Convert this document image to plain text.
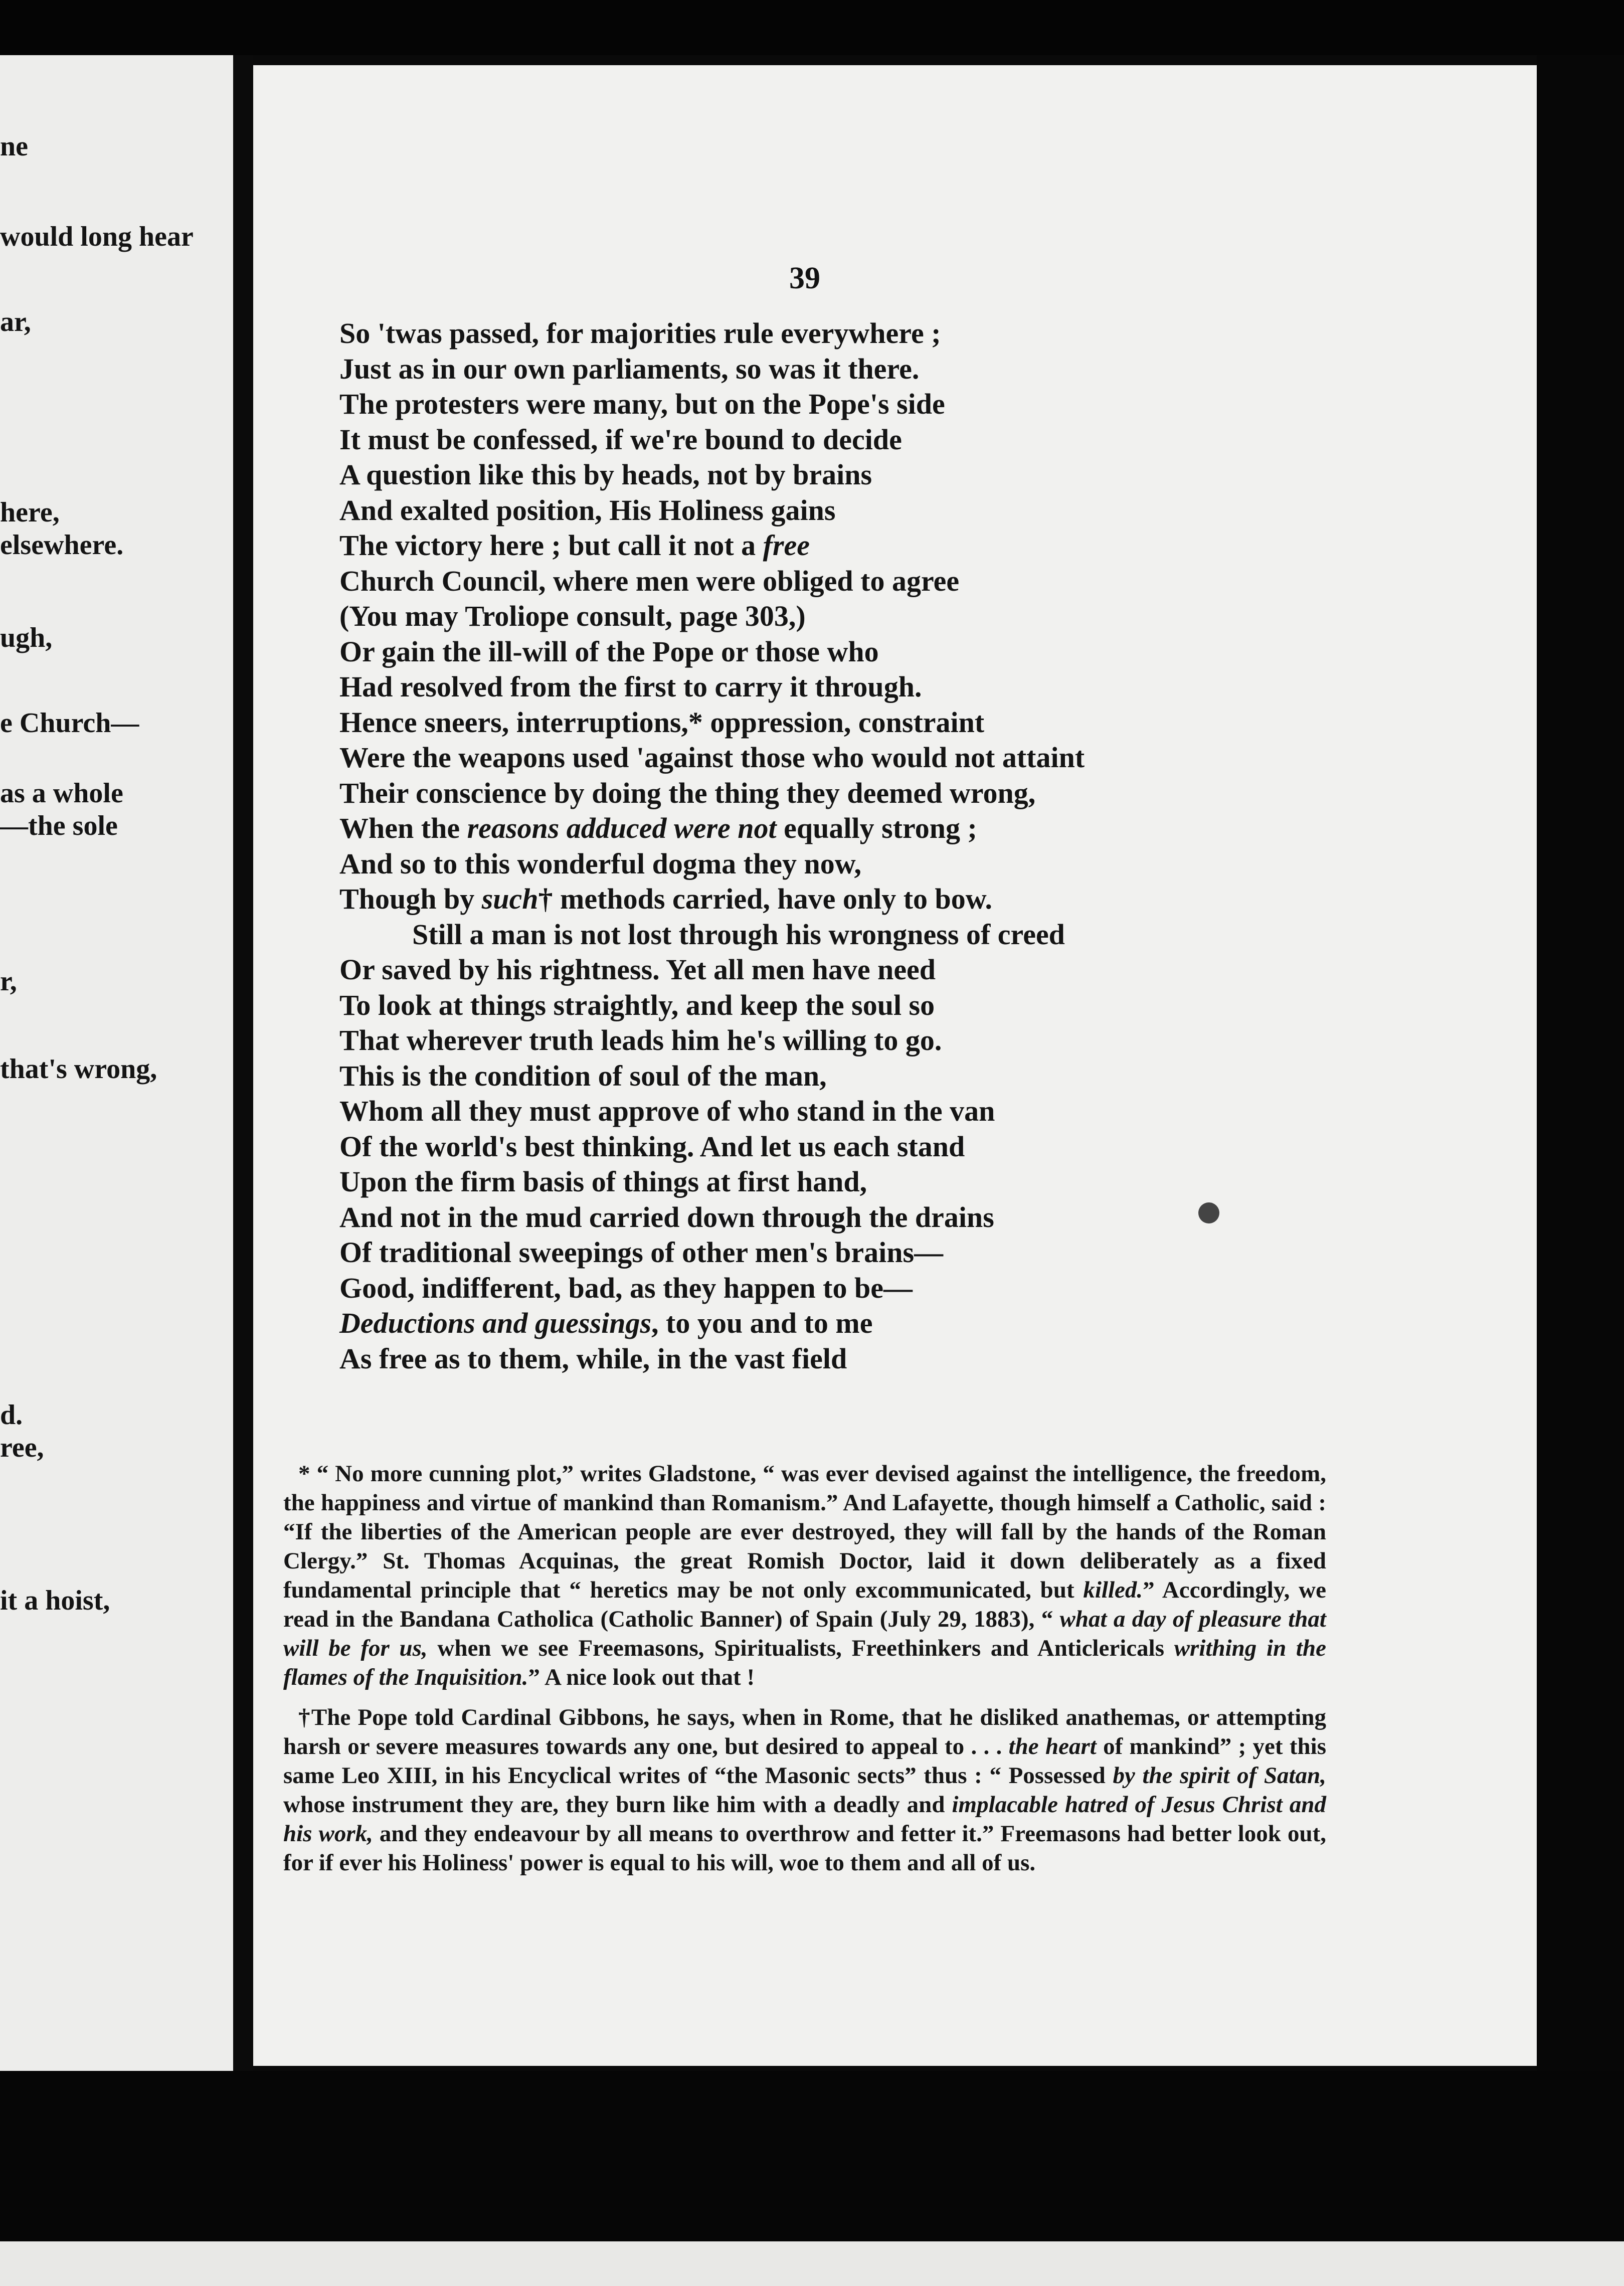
ne
would long hear
ar,
here,
elsewhere.
ugh,
e Church—
as a whole
—the sole
r,
that's wrong,
d.
ree,
it a hoist,
39
So 'twas passed, for majorities rule everywhere ;
Just as in our own parliaments, so was it there.
The protesters were many, but on the Pope's side
It must be confessed, if we're bound to decide
A question like this by heads, not by brains
And exalted position, His Holiness gains
The victory here ; but call it not a free
Church Council, where men were obliged to agree
(You may Troliope consult, page 303,)
Or gain the ill-will of the Pope or those who
Had resolved from the first to carry it through.
Hence sneers, interruptions,* oppression, constraint
Were the weapons used 'against those who would not attaint
Their conscience by doing the thing they deemed wrong,
When the reasons adduced were not equally strong ;
And so to this wonderful dogma they now,
Though by such† methods carried, have only to bow.
Still a man is not lost through his wrongness of creed
Or saved by his rightness. Yet all men have need
To look at things straightly, and keep the soul so
That wherever truth leads him he's willing to go.
This is the condition of soul of the man,
Whom all they must approve of who stand in the van
Of the world's best thinking. And let us each stand
Upon the firm basis of things at first hand,
And not in the mud carried down through the drains
Of traditional sweepings of other men's brains—
Good, indifferent, bad, as they happen to be—
Deductions and guessings, to you and to me
As free as to them, while, in the vast field

* “ No more cunning plot,” writes Gladstone, “ was ever devised against the intelligence, the freedom, the happiness and virtue of mankind than Romanism.” And Lafayette, though himself a Catholic, said : “If the liberties of the American people are ever destroyed, they will fall by the hands of the Roman Clergy.” St. Thomas Acquinas, the great Romish Doctor, laid it down deliberately as a fixed fundamental principle that “ heretics may be not only excommunicated, but killed.” Accordingly, we read in the Bandana Catholica (Catholic Banner) of Spain (July 29, 1883), “ what a day of pleasure that will be for us, when we see Freemasons, Spiritualists, Freethinkers and Anticlericals writhing in the flames of the Inquisition.” A nice look out that !

†The Pope told Cardinal Gibbons, he says, when in Rome, that he disliked anathemas, or attempting harsh or severe measures towards any one, but desired to appeal to . . . the heart of mankind” ; yet this same Leo XIII, in his Encyclical writes of “the Masonic sects” thus : “ Possessed by the spirit of Satan, whose instrument they are, they burn like him with a deadly and implacable hatred of Jesus Christ and his work, and they endeavour by all means to overthrow and fetter it.” Freemasons had better look out, for if ever his Holiness' power is equal to his will, woe to them and all of us.
